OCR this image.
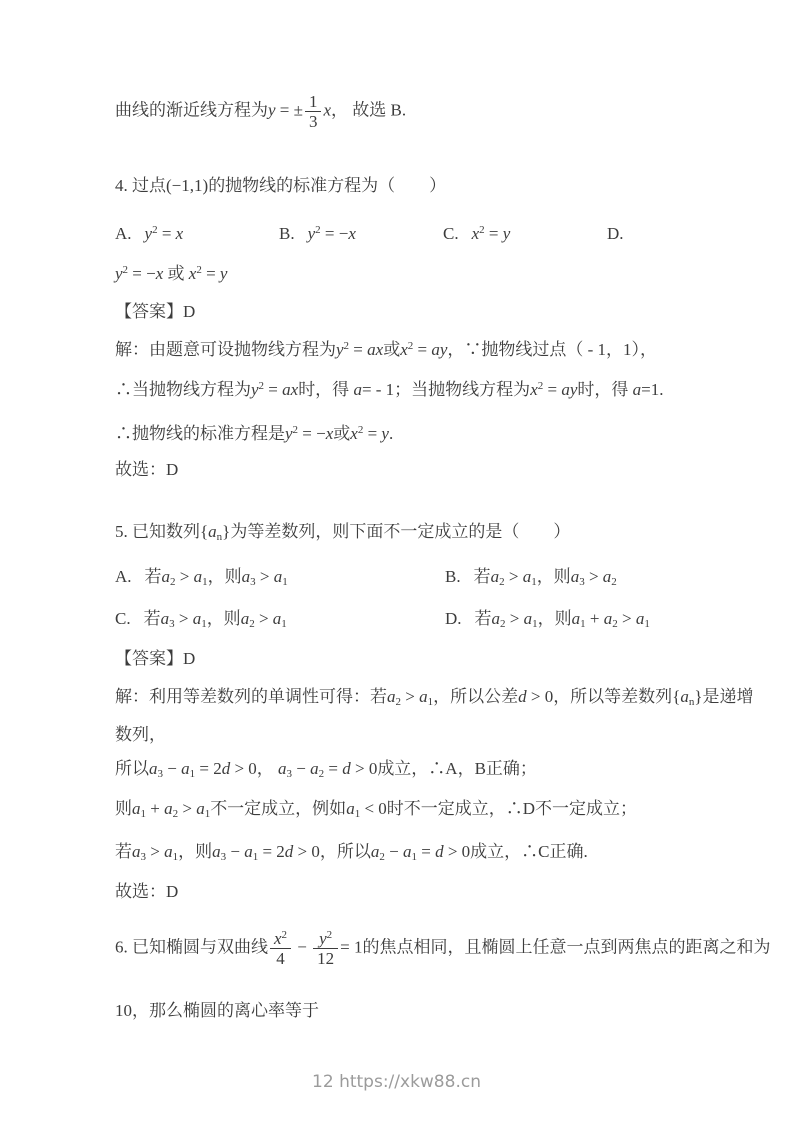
曲线的渐近线方程为y = ± $\frac{1}{3}$ x， 故选 B.
4. 过点(−1,1)的抛物线的标准方程为（　　）
A. $y^2 = x$	B. $y^2 = -x$	C. $x^2 = y$	D.
$y^2 = -x$ 或 $x^2 = y$
【答案】D
解：由题意可设抛物线方程为$y^2$ = ax或$x^2$ = ay，∵抛物线过点（ - 1，1），
∴当抛物线方程为$y^2$ = ax时，得 a= - 1；当抛物线方程为$x^2$ = ay时，得 a=1.
∴抛物线的标准方程是$y^2 = -x$或$x^2 = y$.
故选：D
5. 已知数列$\{a_n\}$为等差数列，则下面不一定成立的是（　　）
A. 若$a_2 > a_1$，则$a_3 > a_1$	B. 若$a_2 > a_1$，则$a_3 > a_2$
C. 若$a_3 > a_1$，则$a_2 > a_1$	D. 若$a_2 > a_1$，则$a_1 + a_2 > a_1$
【答案】D
解：利用等差数列的单调性可得：若$a_2 > a_1$，所以公差d > 0，所以等差数列$\{a_n\}$是递增
数列，
所以$a_3 - a_1 = 2d > 0$， $a_3 - a_2 = d > 0$成立，∴A，B正确；
则$a_1 + a_2 > a_1$不一定成立，例如$a_1 < 0$时不一定成立，∴D不一定成立；
若$a_3 > a_1$，则$a_3 - a_1 = 2d > 0$，所以$a_2 - a_1 = d > 0$成立，∴C正确.
故选：D
6. 已知椭圆与双曲线 $\frac{x^2}{4} - \frac{y^2}{12} = 1$的焦点相同，且椭圆上任意一点到两焦点的距离之和为
10，那么椭圆的离心率等于
12 https://xkw88.cn
